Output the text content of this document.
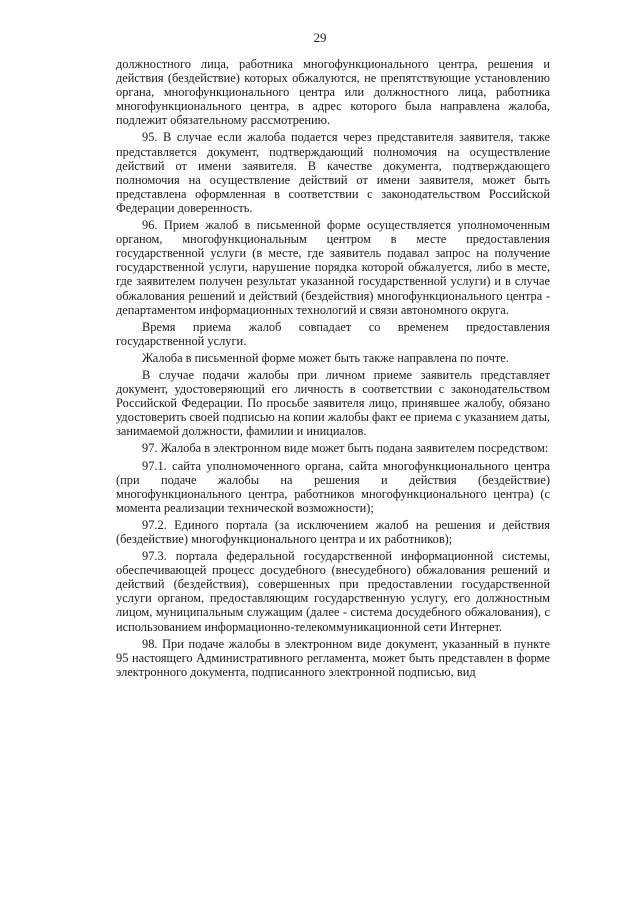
29

должностного лица, работника многофункционального центра, решения и действия (бездействие) которых обжалуются, не препятствующие установлению органа, многофункционального центра или должностного лица, работника многофункционального центра, в адрес которого была направлена жалоба, подлежит обязательному рассмотрению.

95. В случае если жалоба подается через представителя заявителя, также представляется документ, подтверждающий полномочия на осуществление действий от имени заявителя. В качестве документа, подтверждающего полномочия на осуществление действий от имени заявителя, может быть представлена оформленная в соответствии с законодательством Российской Федерации доверенность.

96. Прием жалоб в письменной форме осуществляется уполномоченным органом, многофункциональным центром в месте предоставления государственной услуги (в месте, где заявитель подавал запрос на получение государственной услуги, нарушение порядка которой обжалуется, либо в месте, где заявителем получен результат указанной государственной услуги) и в случае обжалования решений и действий (бездействия) многофункционального центра - департаментом информационных технологий и связи автономного округа.

Время приема жалоб совпадает со временем предоставления государственной услуги.

Жалоба в письменной форме может быть также направлена по почте.

В случае подачи жалобы при личном приеме заявитель представляет документ, удостоверяющий его личность в соответствии с законодательством Российской Федерации. По просьбе заявителя лицо, принявшее жалобу, обязано удостоверить своей подписью на копии жалобы факт ее приема с указанием даты, занимаемой должности, фамилии и инициалов.

97. Жалоба в электронном виде может быть подана заявителем посредством:

97.1. сайта уполномоченного органа, сайта многофункционального центра (при подаче жалобы на решения и действия (бездействие) многофункционального центра, работников многофункционального центра) (с момента реализации технической возможности);

97.2. Единого портала (за исключением жалоб на решения и действия (бездействие) многофункционального центра и их работников);

97.3. портала федеральной государственной информационной системы, обеспечивающей процесс досудебного (внесудебного) обжалования решений и действий (бездействия), совершенных при предоставлении государственной услуги органом, предоставляющим государственную услугу, его должностным лицом, муниципальным служащим (далее - система досудебного обжалования), с использованием информационно-телекоммуникационной сети Интернет.

98. При подаче жалобы в электронном виде документ, указанный в пункте 95 настоящего Административного регламента, может быть представлен в форме электронного документа, подписанного электронной подписью, вид
